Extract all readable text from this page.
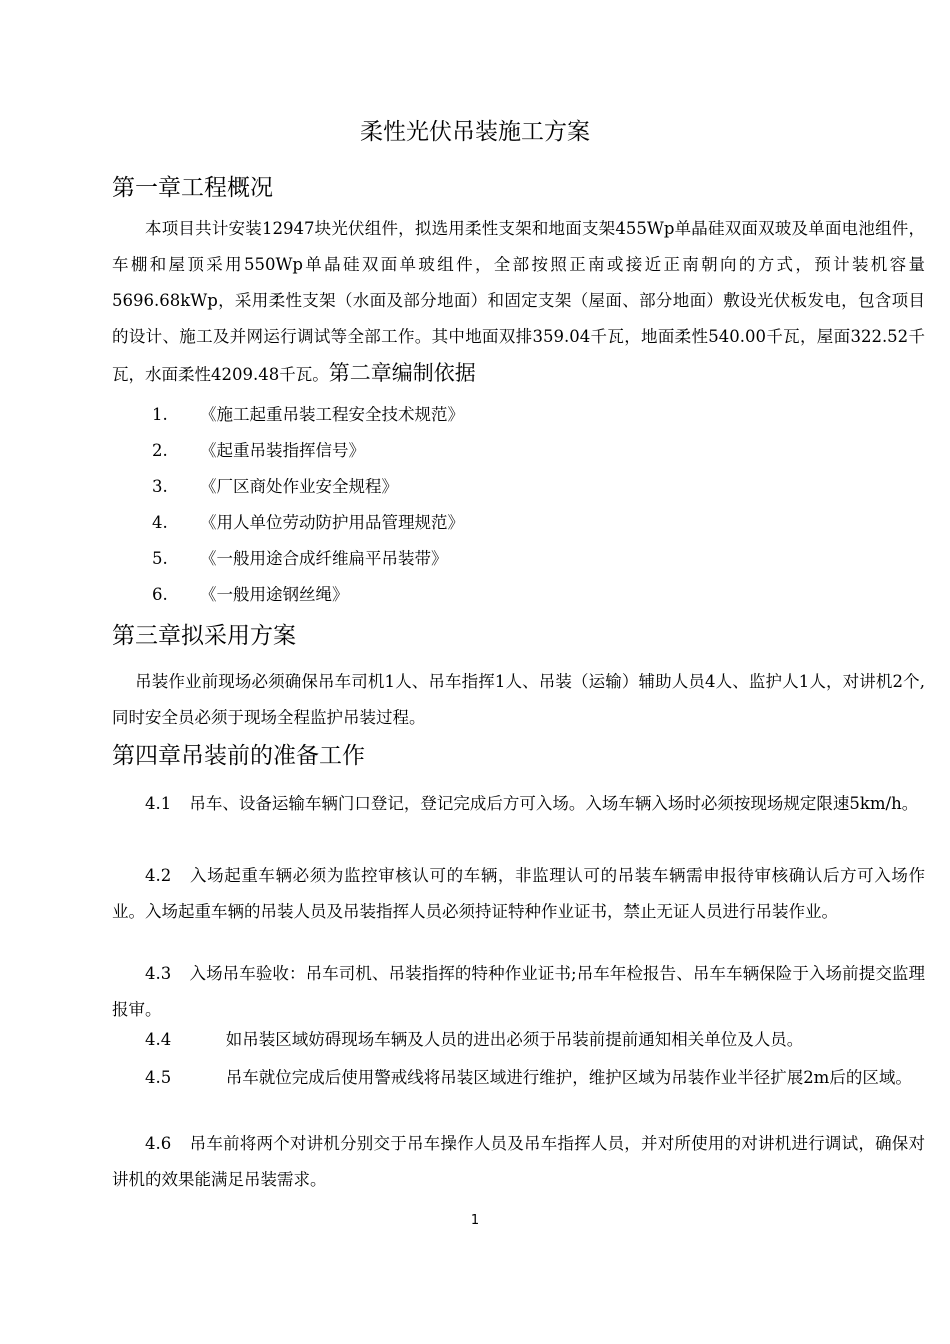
柔性光伏吊装施工方案
第一章工程概况

本项目共计安装12947块光伏组件，拟选用柔性支架和地面支架455Wp单晶硅双面双玻及单面电池组件，车棚和屋顶采用550Wp单晶硅双面单玻组件，全部按照正南或接近正南朝向的方式，预计装机容量5696.68kWp，采用柔性支架（水面及部分地面）和固定支架（屋面、部分地面）敷设光伏板发电，包含项目的设计、施工及并网运行调试等全部工作。其中地面双排359.04千瓦，地面柔性540.00千瓦，屋面322.52千瓦，水面柔性4209.48千瓦。第二章编制依据

1.	《施工起重吊装工程安全技术规范》
2.	《起重吊装指挥信号》
3.	《厂区商处作业安全规程》
4.	《用人单位劳动防护用品管理规范》
5.	《一般用途合成纤维扁平吊装带》
6.	《一般用途钢丝绳》
第三章拟采用方案

吊装作业前现场必须确保吊车司机1人、吊车指挥1人、吊装（运输）辅助人员4人、监护人1人，对讲机2个,同时安全员必须于现场全程监护吊装过程。

第四章吊装前的准备工作

4.1 吊车、设备运输车辆门口登记，登记完成后方可入场。入场车辆入场时必须按现场规定限速5km/h。

4.2 入场起重车辆必须为监控审核认可的车辆，非监理认可的吊装车辆需申报待审核确认后方可入场作业。入场起重车辆的吊装人员及吊装指挥人员必须持证特种作业证书，禁止无证人员进行吊装作业。

4.3 入场吊车验收：吊车司机、吊装指挥的特种作业证书;吊车年检报告、吊车车辆保险于入场前提交监理报审。

4.4	如吊装区域妨碍现场车辆及人员的进出必须于吊装前提前通知相关单位及人员。

4.5	吊车就位完成后使用警戒线将吊装区域进行维护，维护区域为吊装作业半径扩展2m后的区域。

4.6 吊车前将两个对讲机分别交于吊车操作人员及吊车指挥人员，并对所使用的对讲机进行调试，确保对讲机的效果能满足吊装需求。

1
